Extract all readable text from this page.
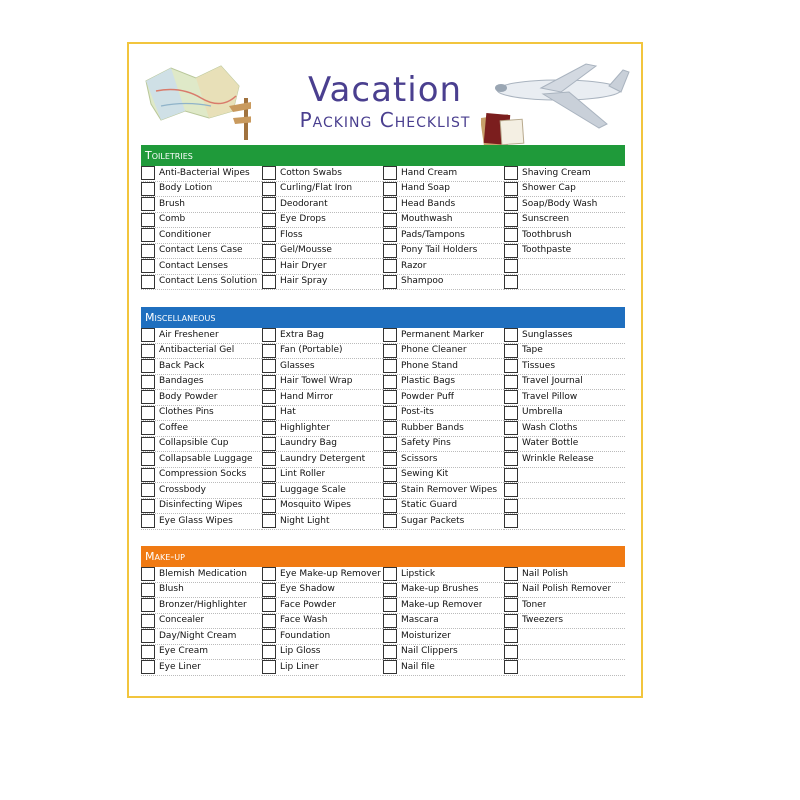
Vacation
Packing Checklist
Toiletries
Anti-Bacterial Wipes
Body Lotion
Brush
Comb
Conditioner
Contact Lens Case
Contact Lenses
Contact Lens Solution
Cotton Swabs
Curling/Flat Iron
Deodorant
Eye Drops
Floss
Gel/Mousse
Hair Dryer
Hair Spray
Hand Cream
Hand Soap
Head Bands
Mouthwash
Pads/Tampons
Pony Tail Holders
Razor
Shampoo
Shaving Cream
Shower Cap
Soap/Body Wash
Sunscreen
Toothbrush
Toothpaste
Miscellaneous
Air Freshener
Antibacterial Gel
Back Pack
Bandages
Body Powder
Clothes Pins
Coffee
Collapsible Cup
Collapsable Luggage
Compression Socks
Crossbody
Disinfecting Wipes
Eye Glass Wipes
Extra Bag
Fan (Portable)
Glasses
Hair Towel Wrap
Hand Mirror
Hat
Highlighter
Laundry Bag
Laundry Detergent
Lint Roller
Luggage Scale
Mosquito Wipes
Night Light
Permanent Marker
Phone Cleaner
Phone Stand
Plastic Bags
Powder Puff
Post-its
Rubber Bands
Safety Pins
Scissors
Sewing Kit
Stain Remover Wipes
Static Guard
Sugar Packets
Sunglasses
Tape
Tissues
Travel Journal
Travel Pillow
Umbrella
Wash Cloths
Water Bottle
Wrinkle Release
Make-up
Blemish Medication
Blush
Bronzer/Highlighter
Concealer
Day/Night Cream
Eye Cream
Eye Liner
Eye Make-up Remover
Eye Shadow
Face Powder
Face Wash
Foundation
Lip Gloss
Lip Liner
Lipstick
Make-up Brushes
Make-up Remover
Mascara
Moisturizer
Nail Clippers
Nail file
Nail Polish
Nail Polish Remover
Toner
Tweezers
